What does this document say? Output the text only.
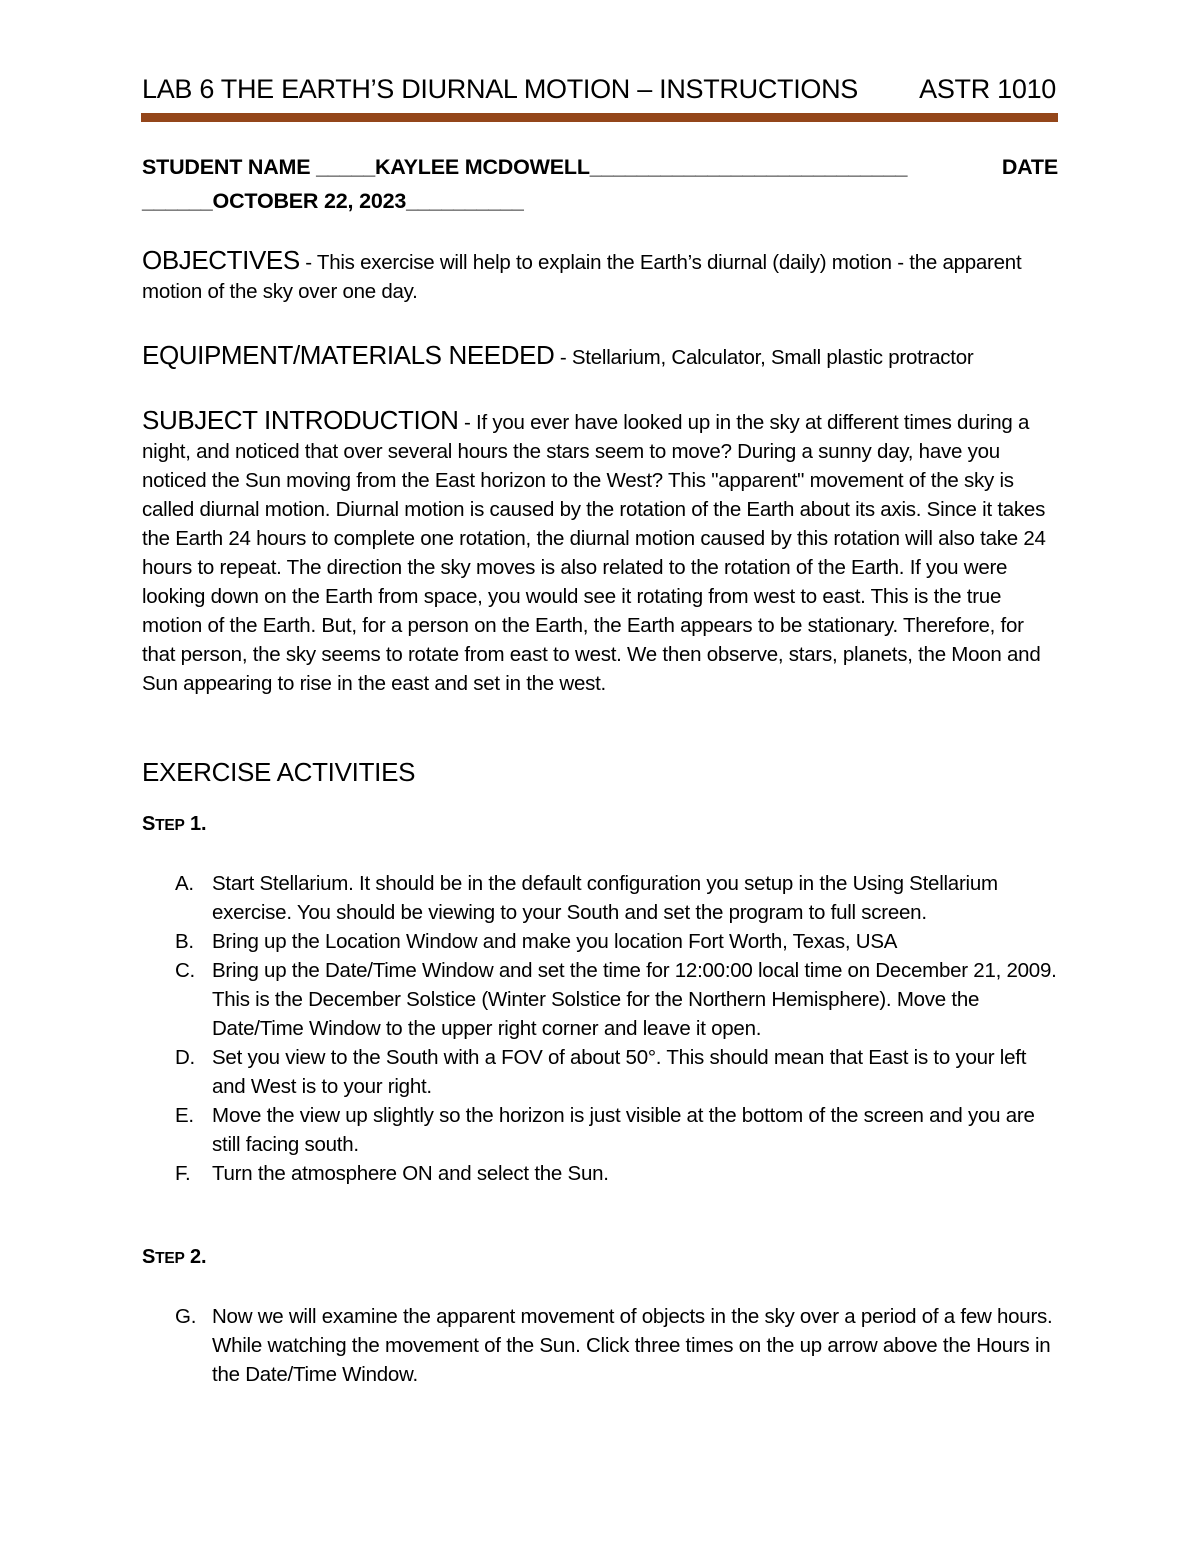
LAB 6 THE EARTH’S DIURNAL MOTION – INSTRUCTIONS ASTR 1010
STUDENT NAME _____KAYLEE MCDOWELL___________________________	DATE
______OCTOBER 22, 2023__________
OBJECTIVES - This exercise will help to explain the Earth’s diurnal (daily) motion - the apparent motion of the sky over one day.
EQUIPMENT/MATERIALS NEEDED - Stellarium, Calculator, Small plastic protractor
SUBJECT INTRODUCTION - If you ever have looked up in the sky at different times during a night, and noticed that over several hours the stars seem to move? During a sunny day, have you noticed the Sun moving from the East horizon to the West? This "apparent" movement of the sky is called diurnal motion. Diurnal motion is caused by the rotation of the Earth about its axis. Since it takes the Earth 24 hours to complete one rotation, the diurnal motion caused by this rotation will also take 24 hours to repeat. The direction the sky moves is also related to the rotation of the Earth. If you were looking down on the Earth from space, you would see it rotating from west to east. This is the true motion of the Earth. But, for a person on the Earth, the Earth appears to be stationary. Therefore, for that person, the sky seems to rotate from east to west. We then observe, stars, planets, the Moon and Sun appearing to rise in the east and set in the west.
EXERCISE ACTIVITIES
STEP 1.
A. Start Stellarium. It should be in the default configuration you setup in the Using Stellarium exercise. You should be viewing to your South and set the program to full screen.
B. Bring up the Location Window and make you location Fort Worth, Texas, USA
C. Bring up the Date/Time Window and set the time for 12:00:00 local time on December 21, 2009. This is the December Solstice (Winter Solstice for the Northern Hemisphere). Move the Date/Time Window to the upper right corner and leave it open.
D. Set you view to the South with a FOV of about 50°. This should mean that East is to your left and West is to your right.
E. Move the view up slightly so the horizon is just visible at the bottom of the screen and you are still facing south.
F.	Turn the atmosphere ON and select the Sun.
STEP 2.
G. Now we will examine the apparent movement of objects in the sky over a period of a few hours. While watching the movement of the Sun. Click three times on the up arrow above the Hours in the Date/Time Window.
